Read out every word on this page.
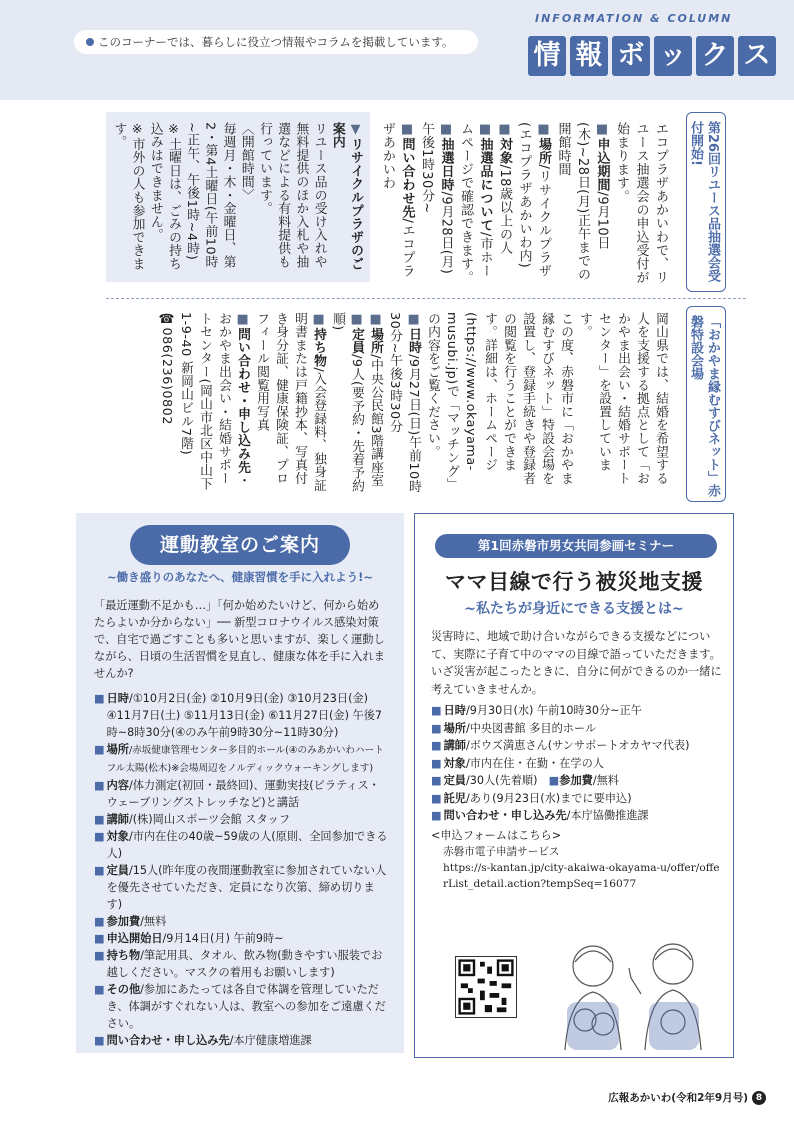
このコーナーでは、暮らしに役立つ情報やコラムを掲載しています。
INFORMATION & COLUMN
情 報 ボ ッ ク ス
第26回リユース品抽選会受付開始!
エコプラザあかいわで、リユース抽選会の申込受付が始まります。
■申込期間/9月10日(木)~28日(月)正午までの開館時間
■場所/リサイクルプラザ(エコプラザあかいわ内)
■対象/18歳以上の人
■抽選品について/市ホームページで確認できます。
■抽選日時/9月28日(月)午後1時30分~
■問い合わせ先/エコプラザあかいわ
▼リサイクルプラザのご案内
リユース品の受け入れや無料提供のほか入札や抽選などによる有料提供も行っています。
〈開館時間〉
毎週月・木・金曜日、第2・第4土曜日(午前10時~正午、午後1時~4時)
※土曜日は、ごみの持ち込みはできません。
※市外の人も参加できます。
「おかやま縁むすびネット」赤磐特設会場
岡山県では、結婚を希望する人を支援する拠点として「おかやま出会い・結婚サポートセンター」を設置しています。
この度、赤磐市に「おかやま縁むすびネット」特設会場を設置し、登録手続きや登録者の閲覧を行うことができます。詳細は、ホームページ(https://www.okayama-musubi.jp)で「マッチング」の内容をご覧ください。
■日時/9月27日(日)午前10時30分~午後3時30分
■場所/中央公民館3階講座室
■定員/9人(要予約・先着予約順)
■持ち物/入会登録料、独身証明書または戸籍抄本、写真付き身分証、健康保険証、プロフィール閲覧用写真
■問い合わせ・申し込み先・おかやま出会い・結婚サポートセンター(岡山市北区中山下1-9-40 新岡山ビル7階)
☎086(236)0802
運動教室のご案内
~働き盛りのあなたへ、健康習慣を手に入れよう!~

「最近運動不足かも…」「何か始めたいけど、何から始めたらよいか分からない」── 新型コロナウイルス感染対策で、自宅で過ごすことも多いと思いますが、楽しく運動しながら、日頃の生活習慣を見直し、健康な体を手に入れませんか?

■ 日時/①10月2日(金) ②10月9日(金) ③10月23日(金) ④11月7日(土) ⑤11月13日(金) ⑥11月27日(金) 午後7時~8時30分(④のみ午前9時30分~11時30分)
■ 場所/赤坂健康管理センター多目的ホール(④のみあかいわハートフル太陽(松木)※会場周辺をノルディックウォーキングします)
■ 内容/体力測定(初回・最終回)、運動実技(ピラティス・ウェーブリングストレッチなど)と講話
■ 講師/(株)岡山スポーツ会館 スタッフ
■ 対象/市内在住の40歳~59歳の人(原則、全回参加できる人)
■ 定員/15人(昨年度の夜間運動教室に参加されていない人を優先させていただき、定員になり次第、締め切ります)
■ 参加費/無料
■ 申込開始日/9月14日(月) 午前9時~
■ 持ち物/筆記用具、タオル、飲み物(動きやすい服装でお越しください。マスクの着用もお願いします)
■ その他/参加にあたっては各自で体調を管理していただき、体調がすぐれない人は、教室への参加をご遠慮ください。
■ 問い合わせ・申し込み先/本庁健康増進課
第1回赤磐市男女共同参画セミナー
ママ目線で行う被災地支援
~私たちが身近にできる支援とは~

災害時に、地域で助け合いながらできる支援などについて、実際に子育て中のママの目線で語っていただきます。いざ災害が起こったときに、自分に何ができるのか一緒に考えていきませんか。

■ 日時/9月30日(水) 午前10時30分~正午
■ 場所/中央図書館 多目的ホール
■ 講師/ボウズ満恵さん(サンサポートオカヤマ代表)
■ 対象/市内在住・在勤・在学の人
■ 定員/30人(先着順)　 ■参加費/無料
■ 託児/あり(9月23日(水)までに要申込)
■ 問い合わせ・申し込み先/本庁協働推進課
<申込フォームはこちら>
赤磐市電子申請サービス
https://s-kantan.jp/city-akaiwa-okayama-u/offer/offerList_detail.action?tempSeq=16077
広報あかいわ(令和2年9月号) 8
